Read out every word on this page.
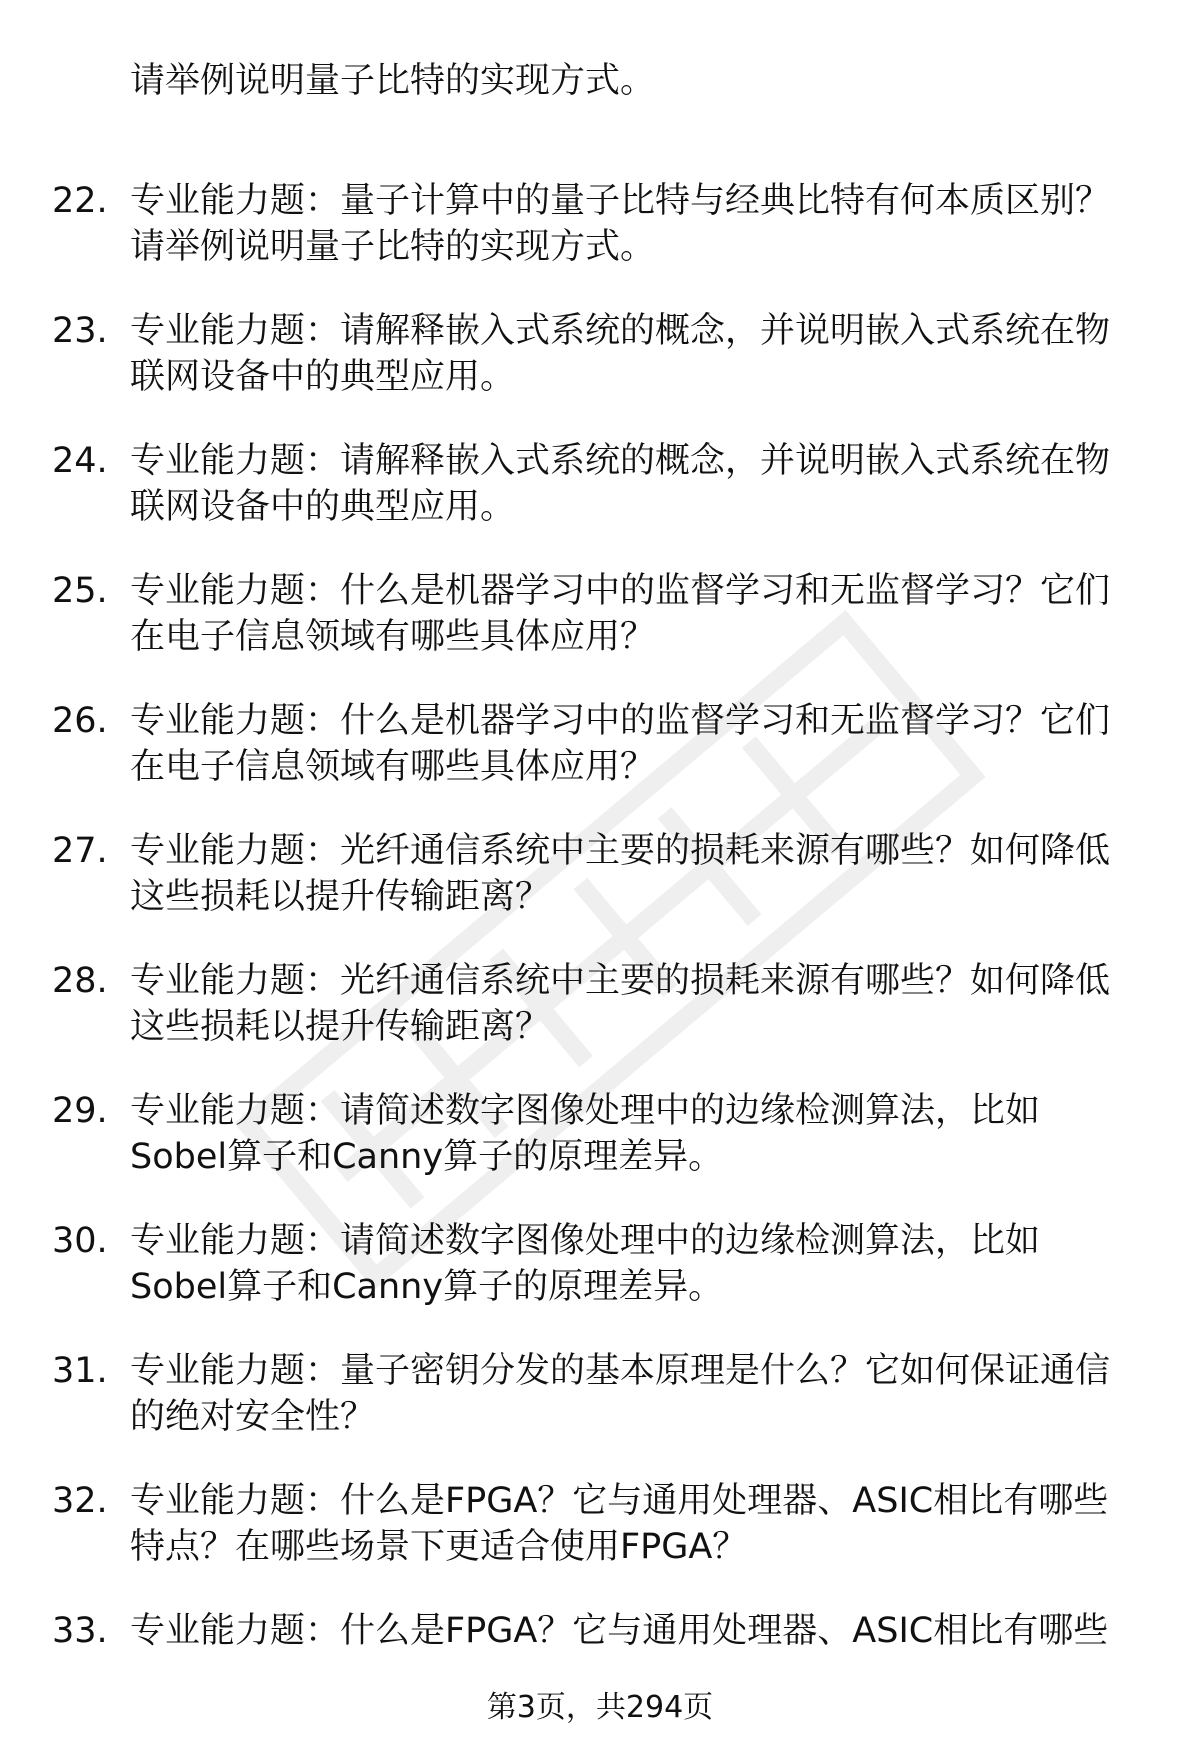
请举例说明量子比特的实现方式。
22. 专业能力题：量子计算中的量子比特与经典比特有何本质区别？
请举例说明量子比特的实现方式。
23. 专业能力题：请解释嵌入式系统的概念，并说明嵌入式系统在物
联网设备中的典型应用。
24. 专业能力题：请解释嵌入式系统的概念，并说明嵌入式系统在物
联网设备中的典型应用。
25. 专业能力题：什么是机器学习中的监督学习和无监督学习？它们
在电子信息领域有哪些具体应用？
26. 专业能力题：什么是机器学习中的监督学习和无监督学习？它们
在电子信息领域有哪些具体应用？
27. 专业能力题：光纤通信系统中主要的损耗来源有哪些？如何降低
这些损耗以提升传输距离？
28. 专业能力题：光纤通信系统中主要的损耗来源有哪些？如何降低
这些损耗以提升传输距离？
29. 专业能力题：请简述数字图像处理中的边缘检测算法，比如
Sobel算子和Canny算子的原理差异。
30. 专业能力题：请简述数字图像处理中的边缘检测算法，比如
Sobel算子和Canny算子的原理差异。
31. 专业能力题：量子密钥分发的基本原理是什么？它如何保证通信
的绝对安全性？
32. 专业能力题：什么是FPGA？它与通用处理器、ASIC相比有哪些
特点？在哪些场景下更适合使用FPGA？
33. 专业能力题：什么是FPGA？它与通用处理器、ASIC相比有哪些
第3页，共294页
